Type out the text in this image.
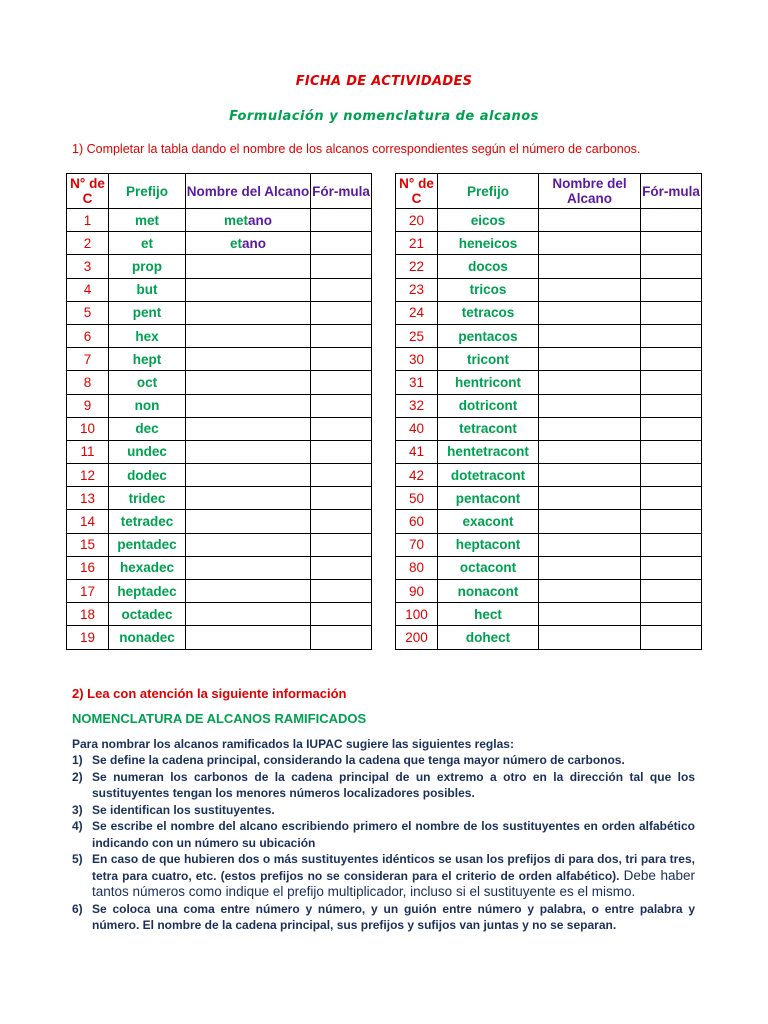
FICHA DE ACTIVIDADES
Formulación y nomenclatura de alcanos
1) Completar la tabla dando el nombre de los alcanos correspondientes según el número de carbonos.
N° de C	Prefijo	Nombre del Alcano	Fór-mula
1	met	metano	
2	et	etano	
3	prop		
4	but		
5	pent		
6	hex		
7	hept		
8	oct		
9	non		
10	dec		
11	undec		
12	dodec		
13	tridec		
14	tetradec		
15	pentadec		
16	hexadec		
17	heptadec		
18	octadec		
19	nonadec		
N° de C	Prefijo	Nombre del Alcano	Fór-mula
20	eicos		
21	heneicos		
22	docos		
23	tricos		
24	tetracos		
25	pentacos		
30	tricont		
31	hentricont		
32	dotricont		
40	tetracont		
41	hentetracont		
42	dotetracont		
50	pentacont		
60	exacont		
70	heptacont		
80	octacont		
90	nonacont		
100	hect		
200	dohect		
2) Lea con atención la siguiente información
NOMENCLATURA DE ALCANOS RAMIFICADOS
Para nombrar los alcanos ramificados la IUPAC sugiere las siguientes reglas:
1) Se define la cadena principal, considerando la cadena que tenga mayor número de carbonos.
2) Se numeran los carbonos de la cadena principal de un extremo a otro en la dirección tal que los sustituyentes tengan los menores números localizadores posibles.
3) Se identifican los sustituyentes.
4) Se escribe el nombre del alcano escribiendo primero el nombre de los sustituyentes en orden alfabético indicando con un número su ubicación
5) En caso de que hubieren dos o más sustituyentes idénticos se usan los prefijos di para dos, tri para tres, tetra para cuatro, etc. (estos prefijos no se consideran para el criterio de orden alfabético). Debe haber tantos números como indique el prefijo multiplicador, incluso si el sustituyente es el mismo.
6) Se coloca una coma entre número y número, y un guión entre número y palabra, o entre palabra y número. El nombre de la cadena principal, sus prefijos y sufijos van juntas y no se separan.
